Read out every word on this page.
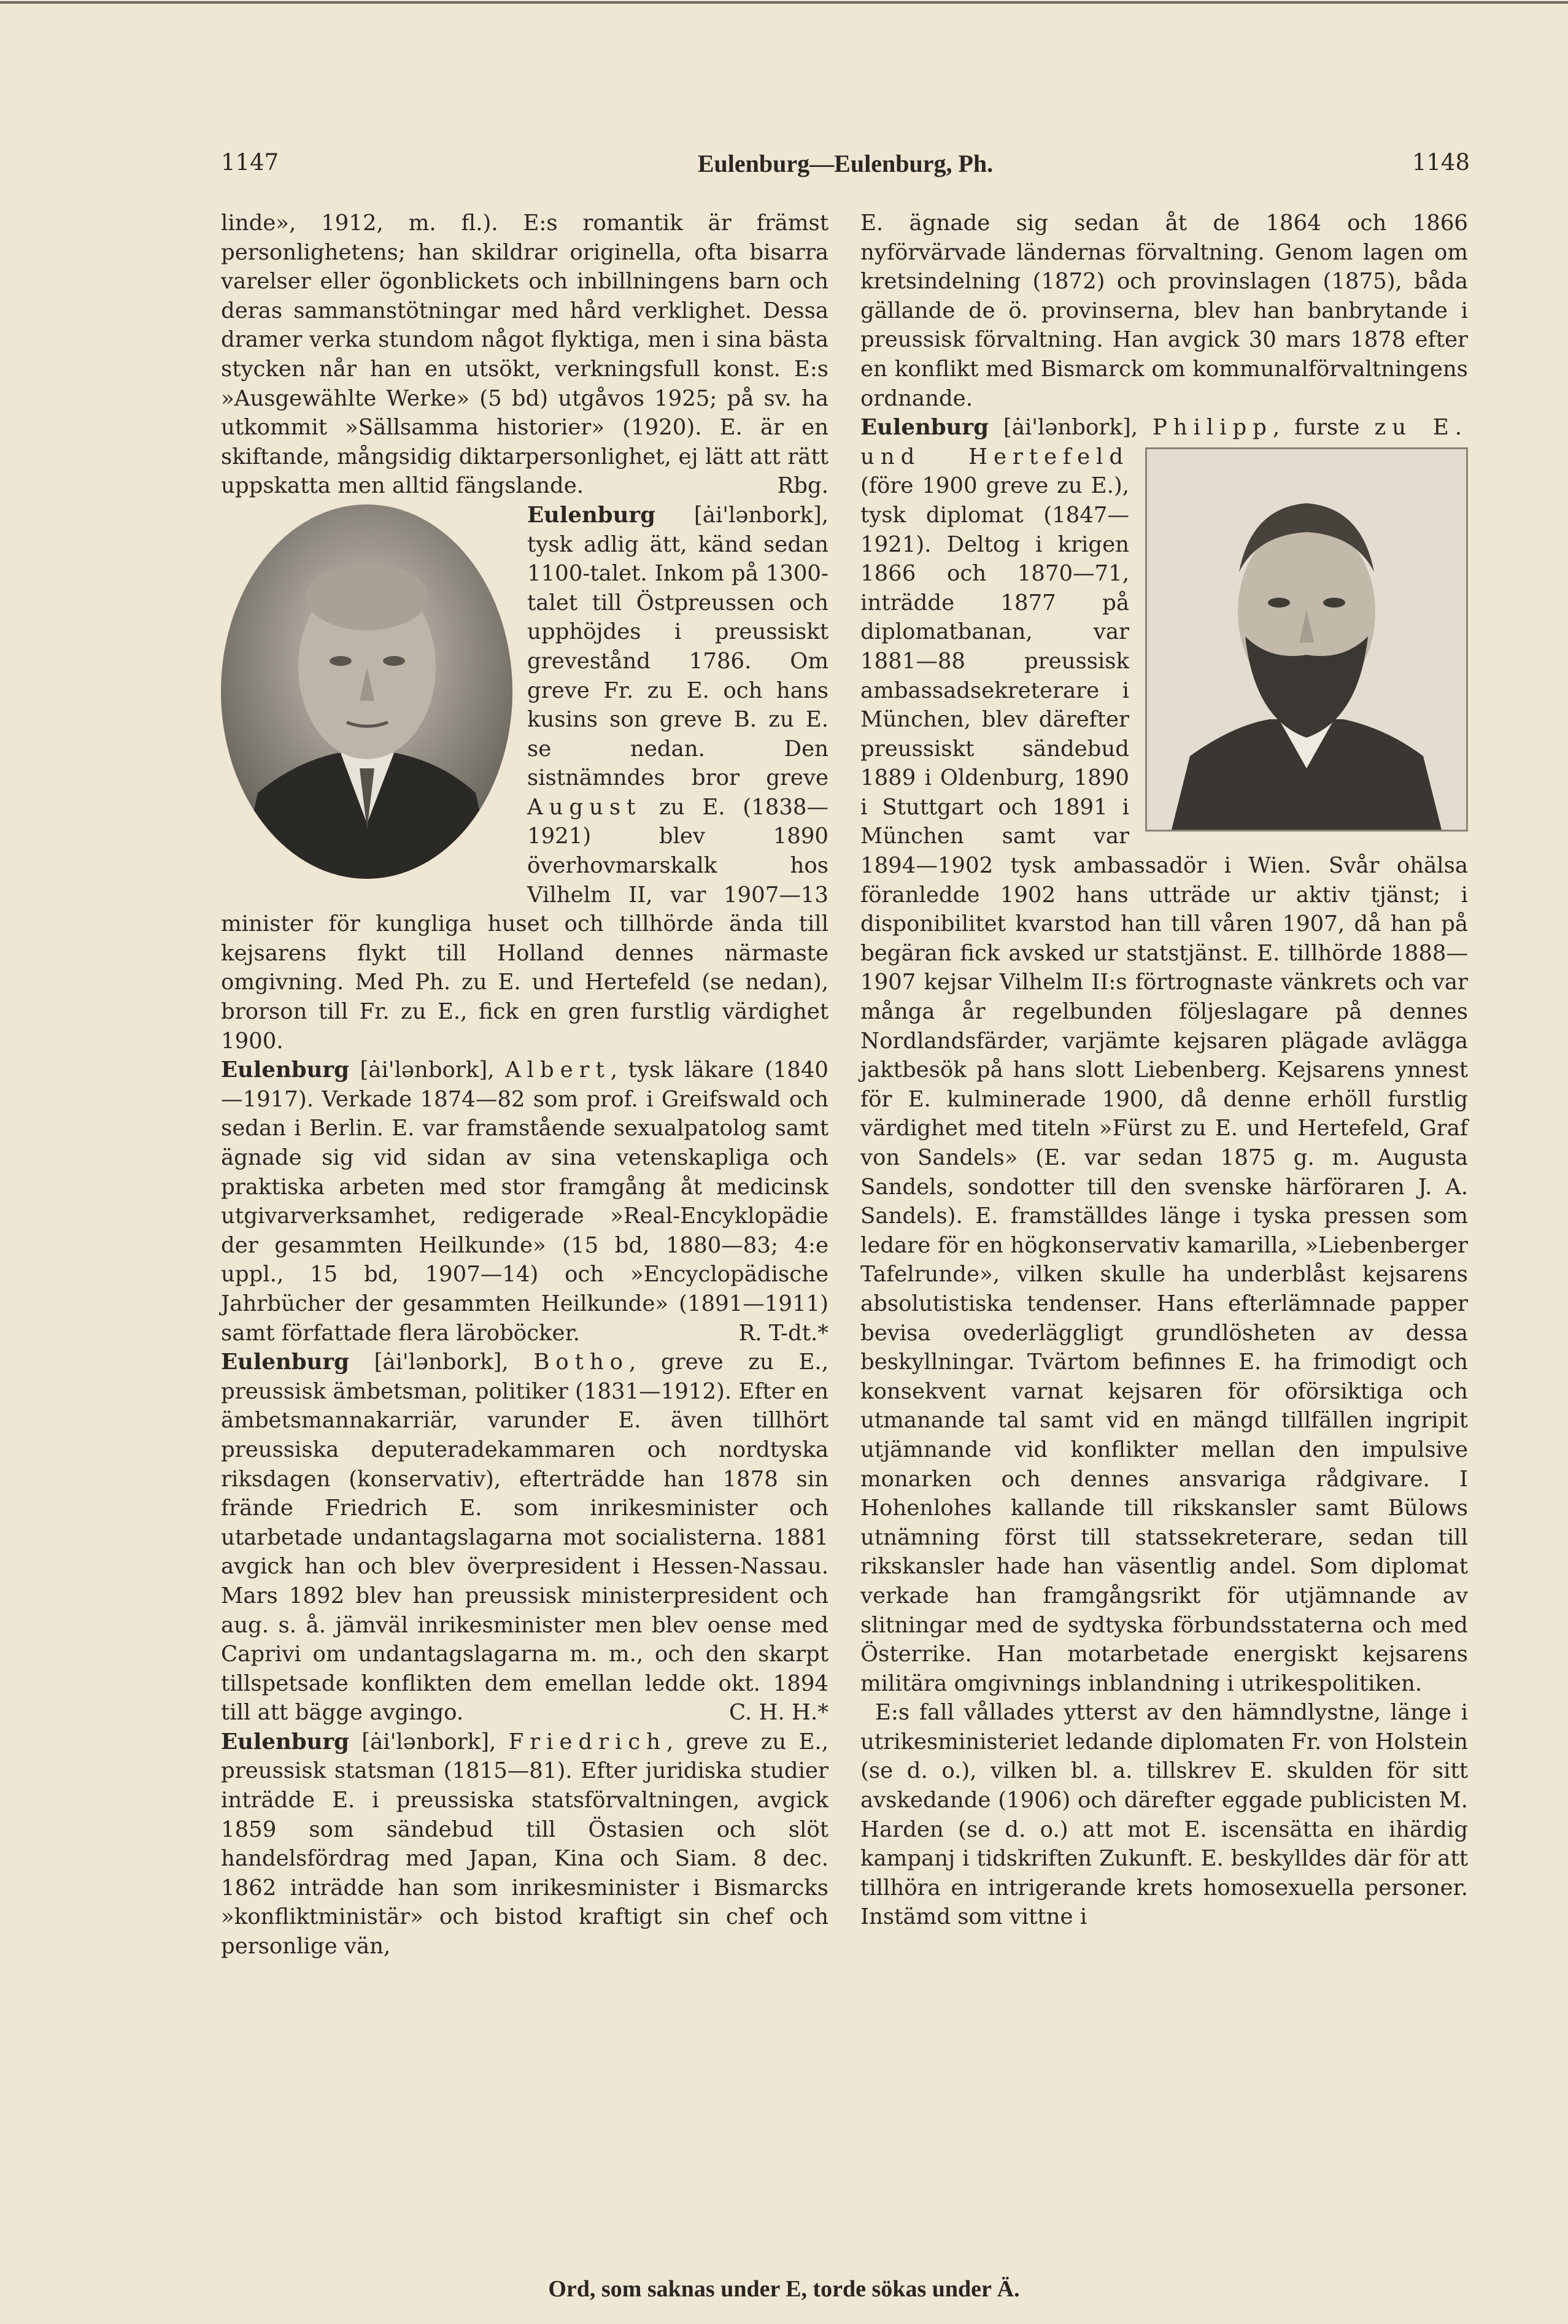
1147	Eulenburg—Eulenburg, Ph.	1148

linde», 1912, m. fl.). E:s romantik är främst personlighetens; han skildrar originella, ofta bisarra varelser eller ögonblickets och inbillningens barn och deras sammanstötningar med hård verklighet. Dessa dramer verka stundom något flyktiga, men i sina bästa stycken når han en utsökt, verkningsfull konst. E:s »Ausgewählte Werke» (5 bd) utgåvos 1925; på sv. ha utkommit »Sällsamma historier» (1920). E. är en skiftande, mångsidig diktarpersonlighet, ej lätt att rätt uppskatta men alltid fängslande.	Rbg.

Eulenburg [ȧi'lənbork], tysk adlig ätt, känd sedan 1100-talet. Inkom på 1300-talet till Östpreussen och upphöjdes i preussiskt grevestånd 1786. Om greve Fr. zu E. och hans kusins son greve B. zu E. se nedan. Den sistnämndes bror greve August zu E. (1838—1921) blev 1890 överhovmarskalk hos Vilhelm II, var 1907—13 minister för kungliga huset och tillhörde ända till kejsarens flykt till Holland dennes närmaste omgivning. Med Ph. zu E. und Hertefeld (se nedan), brorson till Fr. zu E., fick en gren furstlig värdighet 1900.

Eulenburg [ȧi'lənbork], Albert, tysk läkare (1840—1917). Verkade 1874—82 som prof. i Greifswald och sedan i Berlin. E. var framstående sexualpatolog samt ägnade sig vid sidan av sina vetenskapliga och praktiska arbeten med stor framgång åt medicinsk utgivarverksamhet, redigerade »Real-Encyklopädie der gesammten Heilkunde» (15 bd, 1880—83; 4:e uppl., 15 bd, 1907—14) och »Encyclopädische Jahrbücher der gesammten Heilkunde» (1891—1911) samt författade flera läroböcker.	R. T-dt.*

Eulenburg [ȧi'lənbork], Botho, greve zu E., preussisk ämbetsman, politiker (1831—1912). Efter en ämbetsmannakarriär, varunder E. även tillhört preussiska deputeradekammaren och nordtyska riksdagen (konservativ), efterträdde han 1878 sin frände Friedrich E. som inrikesminister och utarbetade undantagslagarna mot socialisterna. 1881 avgick han och blev överpresident i Hessen-Nassau. Mars 1892 blev han preussisk ministerpresident och aug. s. å. jämväl inrikesminister men blev oense med Caprivi om undantagslagarna m. m., och den skarpt tillspetsade konflikten dem emellan ledde okt. 1894 till att bägge avgingo.	C. H. H.*

Eulenburg [ȧi'lənbork], Friedrich, greve zu E., preussisk statsman (1815—81). Efter juridiska studier inträdde E. i preussiska statsförvaltningen, avgick 1859 som sändebud till Östasien och slöt handelsfördrag med Japan, Kina och Siam. 8 dec. 1862 inträdde han som inrikesminister i Bismarcks »konfliktministär» och bistod kraftigt sin chef och personlige vän,

E. ägnade sig sedan åt de 1864 och 1866 nyförvärvade ländernas förvaltning. Genom lagen om kretsindelning (1872) och provinslagen (1875), båda gällande de ö. provinserna, blev han banbrytande i preussisk förvaltning. Han avgick 30 mars 1878 efter en konflikt med Bismarck om kommunalförvaltningens ordnande.

Eulenburg [ȧi'lənbork], Philipp, furste zu E. und Hertefeld
(före 1900 greve zu E.), tysk diplomat (1847—1921). Deltog i krigen 1866 och 1870—71, inträdde 1877 på diplomatbanan, var 1881—88 preussisk ambassadsekreterare i München, blev därefter preussiskt sändebud 1889 i Oldenburg, 1890 i Stuttgart och 1891 i München samt var 1894—1902 tysk ambassadör i Wien. Svår ohälsa föranledde 1902 hans utträde ur aktiv tjänst; i disponibilitet kvarstod han till våren 1907, då han på begäran fick avsked ur statstjänst. E. tillhörde 1888—1907 kejsar Vilhelm II:s förtrognaste vänkrets och var många år regelbunden följeslagare på dennes Nordlandsfärder, varjämte kejsaren plägade avlägga jaktbesök på hans slott Liebenberg. Kejsarens ynnest för E. kulminerade 1900, då denne erhöll furstlig värdighet med titeln »Fürst zu E. und Hertefeld, Graf von Sandels» (E. var sedan 1875 g. m. Augusta Sandels, sondotter till den svenske härföraren J. A. Sandels). E. framställdes länge i tyska pressen som ledare för en högkonservativ kamarilla, »Liebenberger Tafelrunde», vilken skulle ha underblåst kejsarens absolutistiska tendenser. Hans efterlämnade papper bevisa ovederläggligt grundlösheten av dessa beskyllningar. Tvärtom befinnes E. ha frimodigt och konsekvent varnat kejsaren för oförsiktiga och utmanande tal samt vid en mängd tillfällen ingripit utjämnande vid konflikter mellan den impulsive monarken och dennes ansvariga rådgivare. I Hohenlohes kallande till rikskansler samt Bülows utnämning först till statssekreterare, sedan till rikskansler hade han väsentlig andel. Som diplomat verkade han framgångsrikt för utjämnande av slitningar med de sydtyska förbundsstaterna och med Österrike. Han motarbetade energiskt kejsarens militära omgivnings inblandning i utrikespolitiken.

E:s fall vållades ytterst av den hämndlystne, länge i utrikesministeriet ledande diplomaten Fr. von Holstein (se d. o.), vilken bl. a. tillskrev E. skulden för sitt avskedande (1906) och därefter eggade publicisten M. Harden (se d. o.) att mot E. iscensätta en ihärdig kampanj i tidskriften Zukunft. E. beskylldes där för att tillhöra en intrigerande krets homosexuella personer. Instämd som vittne i

Ord, som saknas under E, torde sökas under Ä.
